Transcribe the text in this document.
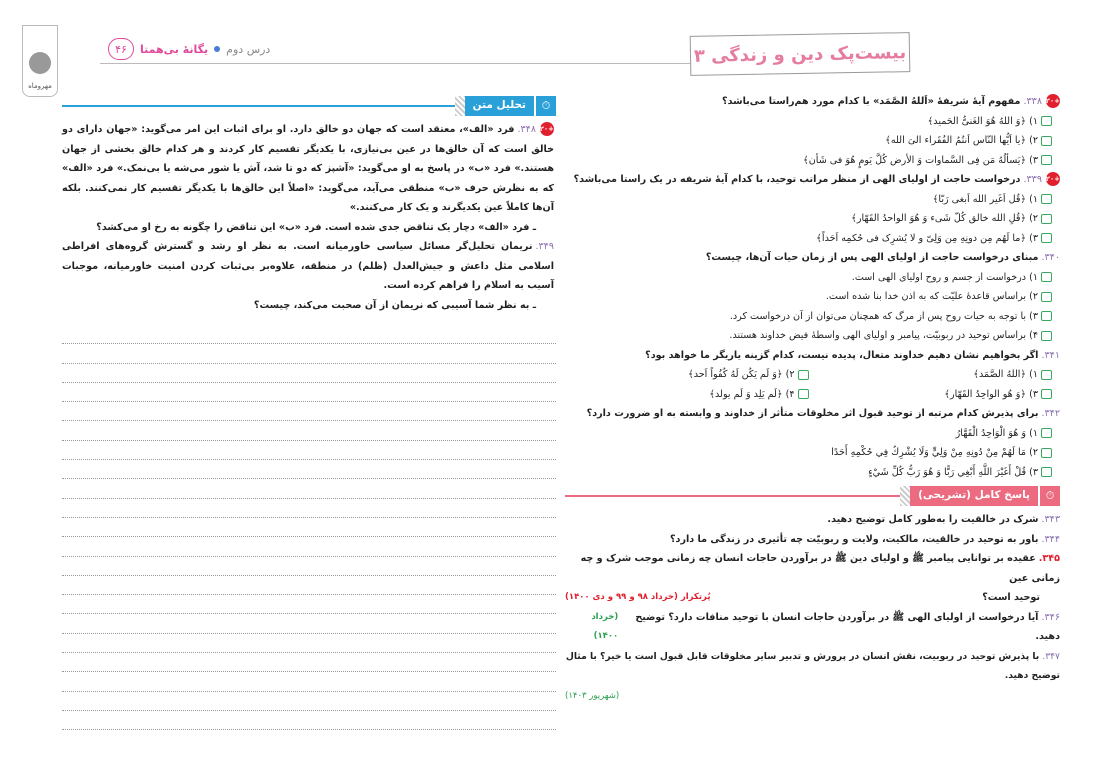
بیست‌پک دین و زندگی ۳
مهروماه
درس دوم
یگانهٔ بی‌همتا
۴۶
+۲۰۳۳۸.مفهوم آیهٔ شریفهٔ «اَللهُ الصَّمَد» با کدام مورد هم‌راستا می‌باشد؟
۱) ﴿وَ اللهُ هُوَ الغَنیُّ الحَمید﴾
۲) ﴿یا اَیُّها النّاس اَنتُمُ الفُقَراء الیَ الله﴾
۳) ﴿یَسألُهُ مَن فِی السَّماوات وَ الأرض کُلَّ یَومٍ هُوَ فی شَأن﴾
+۲۰۳۳۹.درخواست حاجت از اولیای الهی از منظر مراتب توحید، با کدام آیهٔ شریفه در یک راستا می‌باشد؟
۱) ﴿قُل اَغَیر الله اَبغی رَبّا﴾
۲) ﴿قُلِ الله خالق کُلّ شَیء وَ هُوَ الواحدُ القَهّار﴾
۳) ﴿ما لَهُم مِن دونِهِ مِن وَلِیّ و لا یُشرِک فی حُکمِه اَحَداً﴾
۳۴۰.مبنای درخواست حاجت از اولیای الهی پس از زمان حیات آن‌ها، چیست؟
۱) درخواست از جسم و روح اولیای الهی است.
۲) براساس قاعدهٔ علیّت که به اذن خدا بنا شده است.
۳) با توجه به حیات روح پس از مرگ که همچنان می‌توان از آن درخواست کرد.
۴) براساس توحید در ربوبیّت، پیامبر و اولیای الهی واسطهٔ فیض خداوند هستند.
۳۴۱.اگر بخواهیم نشان دهیم خداوند متعال، پدیده نیست، کدام گزینه یاریگر ما خواهد بود؟
۱) ﴿اللهُ الصَّمَد﴾
۲) ﴿وَ لَم یَکُن لَهُ کُفُواً اَحد﴾
۳) ﴿وَ هُو الواحِدُ القَهّار﴾
۴) ﴿لَم یَلِد وَ لَم یولد﴾
۳۴۲.برای پذیرش کدام مرتبه از توحید قبول اثر مخلوقات متأثر از خداوند و وابسته به او ضرورت دارد؟
۱) وَ هُوَ الْوَاحِدُ الْقَهَّارُ
۲) مَا لَهُمْ مِنْ دُونِهِ مِنْ وَلِيٍّ وَلَا يُشْرِكُ فِي حُكْمِهِ أَحَدًا
۳) قُلْ أَغَيْرَ اللَّهِ أَبْغِي رَبًّا وَ هُوَ رَبُّ كُلِّ شَيْءٍ
⏱
پاسخ کامل (تشریحی)
۳۴۳.شرک در خالقیت را به‌طور کامل توضیح دهید.
۳۴۴.باور به توحید در خالقیت، مالکیت، ولایت و ربوبیّت چه تأثیری در زندگی ما دارد؟
۳۴۵.عقیده بر توانایی پیامبر ﷺ و اولیای دین ﷺ در برآوردن حاجات انسان چه زمانی موجب شرک و چه زمانی عین
توحید است؟
پُرتکرار (خرداد ۹۸ و ۹۹ و دی ۱۴۰۰)
۳۴۶.آیا درخواست از اولیای الهی ﷺ در برآوردن حاجات انسان با توحید منافات دارد؟ توضیح دهید.
(خرداد ۱۴۰۰)
۳۴۷.با پذیرش توحید در ربوبیت، نقش انسان در پرورش و تدبیر سایر مخلوقات قابل قبول است یا خیر؟ با مثال توضیح دهید.
(شهریور ۱۴۰۳)
⏱
تحلیل متن
+۲۰۳۴۸.فرد «الف»، معتقد است که جهان دو خالق دارد. او برای اثبات این امر می‌گوید: «جهان دارای دو خالق است که آن خالق‌ها در عین بی‌نیازی، با یکدیگر تقسیم کار کردند و هر کدام خالق بخشی از جهان هستند.» فرد «ب» در پاسخ به او می‌گوید: «آشپز که دو تا شد، آش یا شور می‌شه یا بی‌نمک.» فرد «الف» که به نظرش حرف «ب» منطقی می‌آید، می‌گوید: «اصلاً این خالق‌ها با یکدیگر تقسیم کار نمی‌کنند. بلکه آن‌ها کاملاً عین یکدیگرند و یک کار می‌کنند.»
ـ فرد «الف» دچار یک تناقض جدی شده است. فرد «ب» این تناقض را چگونه به رخ او می‌کشد؟
۳۴۹.نریمان تحلیل‌گر مسائل سیاسی خاورمیانه است. به نظر او رشد و گسترش گروه‌های افراطی اسلامی مثل داعش و جیش‌العدل (ظلم) در منطقه، علاوه‌بر بی‌ثبات کردن امنیت خاورمیانه، موجبات آسیب به اسلام را فراهم کرده است.
ـ به نظر شما آسیبی که نریمان از آن صحبت می‌کند، چیست؟
